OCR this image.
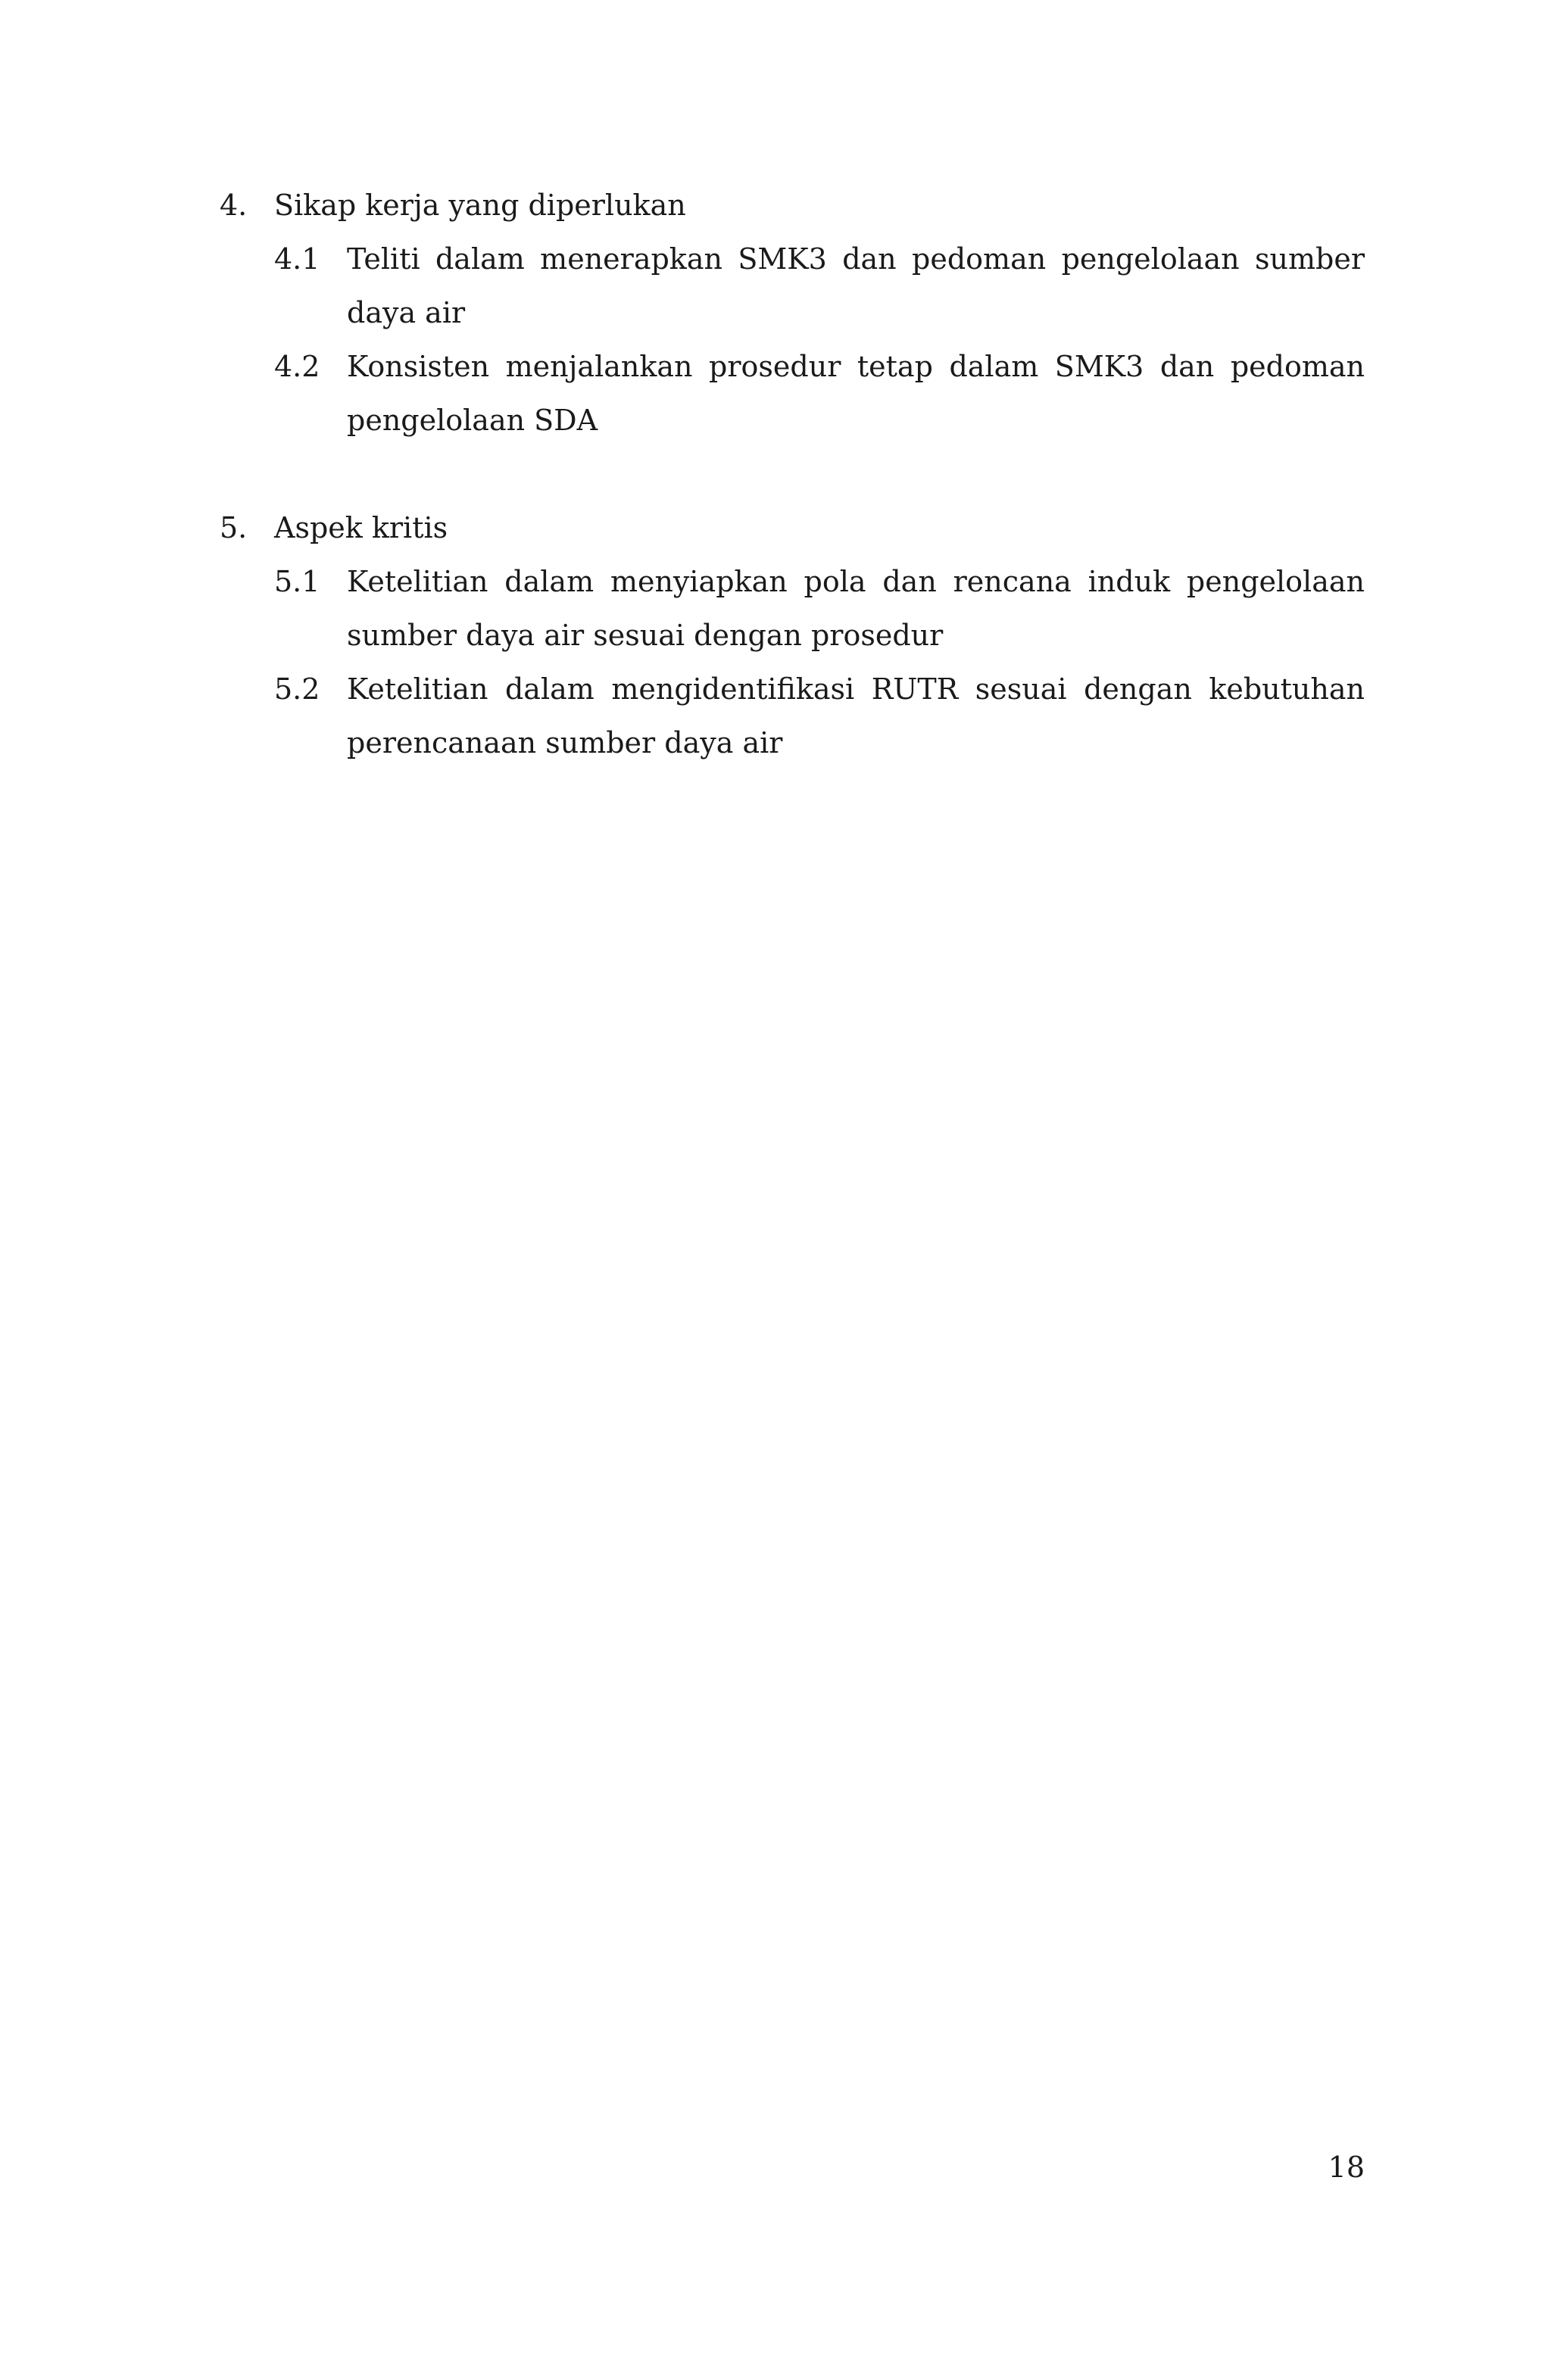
4. Sikap kerja yang diperlukan
4.1 Teliti dalam menerapkan SMK3 dan pedoman pengelolaan sumber daya air
4.2 Konsisten menjalankan prosedur tetap dalam SMK3 dan pedoman pengelolaan SDA
5. Aspek kritis
5.1 Ketelitian dalam menyiapkan pola dan rencana induk pengelolaan sumber daya air sesuai dengan prosedur
5.2 Ketelitian dalam mengidentifikasi RUTR sesuai dengan kebutuhan perencanaan sumber daya air
18
